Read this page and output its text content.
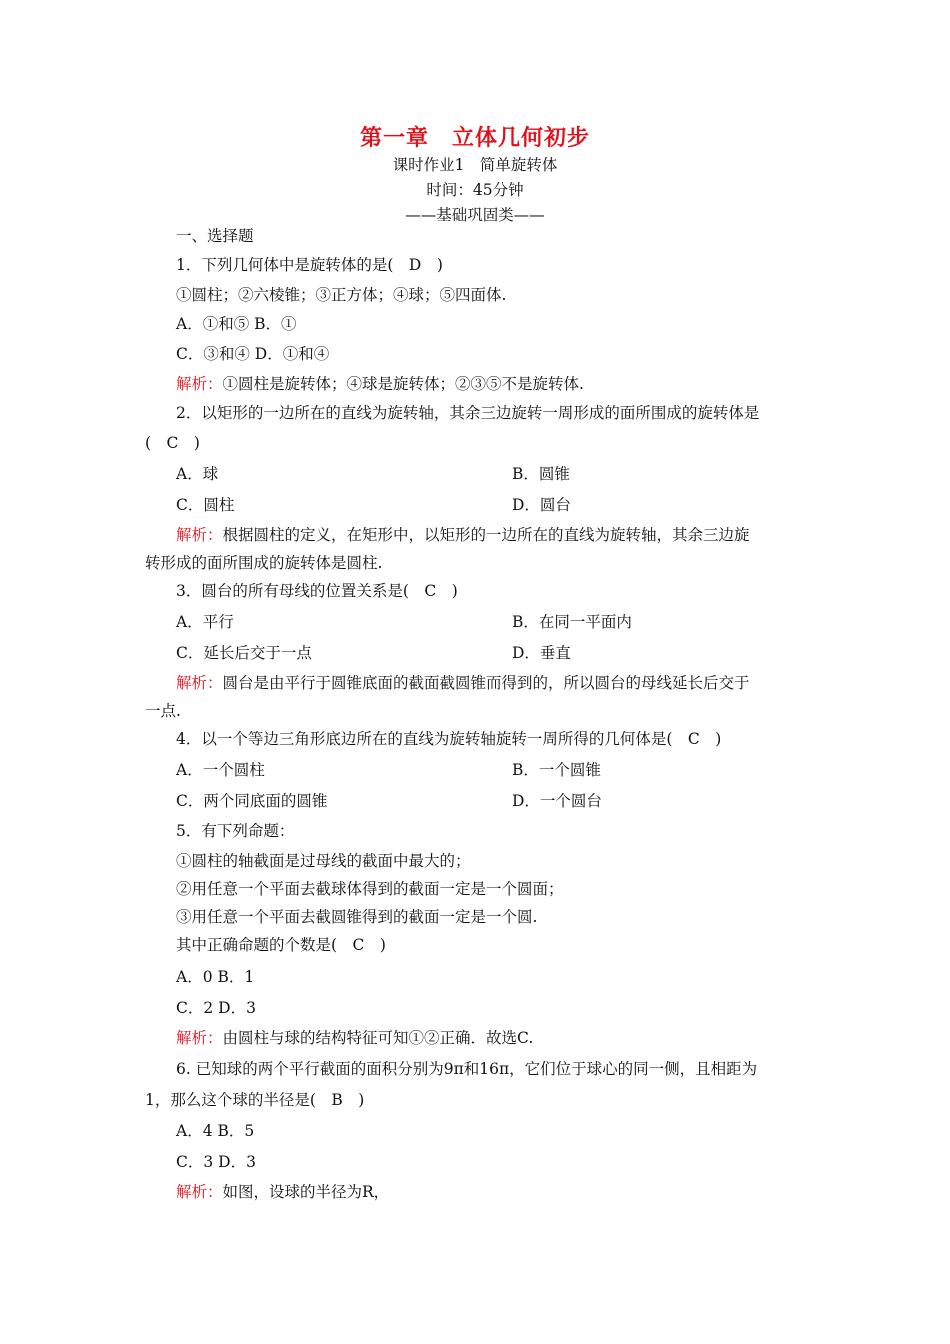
第一章　立体几何初步
课时作业1　简单旋转体
时间：45分钟
——基础巩固类——
一、选择题
1．下列几何体中是旋转体的是(　D　)
①圆柱；②六棱锥；③正方体；④球；⑤四面体.
A．①和⑤ B．①
C．③和④ D．①和④
解析：①圆柱是旋转体；④球是旋转体；②③⑤不是旋转体.
2．以矩形的一边所在的直线为旋转轴，其余三边旋转一周形成的面所围成的旋转体是
(　C　)
A．球	B．圆锥
C．圆柱	D．圆台
解析：根据圆柱的定义，在矩形中，以矩形的一边所在的直线为旋转轴，其余三边旋
转形成的面所围成的旋转体是圆柱.
3．圆台的所有母线的位置关系是(　C　)
A．平行	B．在同一平面内
C．延长后交于一点	D．垂直
解析：圆台是由平行于圆锥底面的截面截圆锥而得到的，所以圆台的母线延长后交于
一点.
4．以一个等边三角形底边所在的直线为旋转轴旋转一周所得的几何体是(　C　)
A．一个圆柱	B．一个圆锥
C．两个同底面的圆锥	D．一个圆台
5．有下列命题：
①圆柱的轴截面是过母线的截面中最大的；
②用任意一个平面去截球体得到的截面一定是一个圆面；
③用任意一个平面去截圆锥得到的截面一定是一个圆.
其中正确命题的个数是(　C　)
A．0 B．1
C．2 D．3
解析：由圆柱与球的结构特征可知①②正确．故选C.
6. 已知球的两个平行截面的面积分别为9π和16π，它们位于球心的同一侧，且相距为
1，那么这个球的半径是(　B　)
A．4 B．5
C．3 D．3
解析：如图，设球的半径为R，
